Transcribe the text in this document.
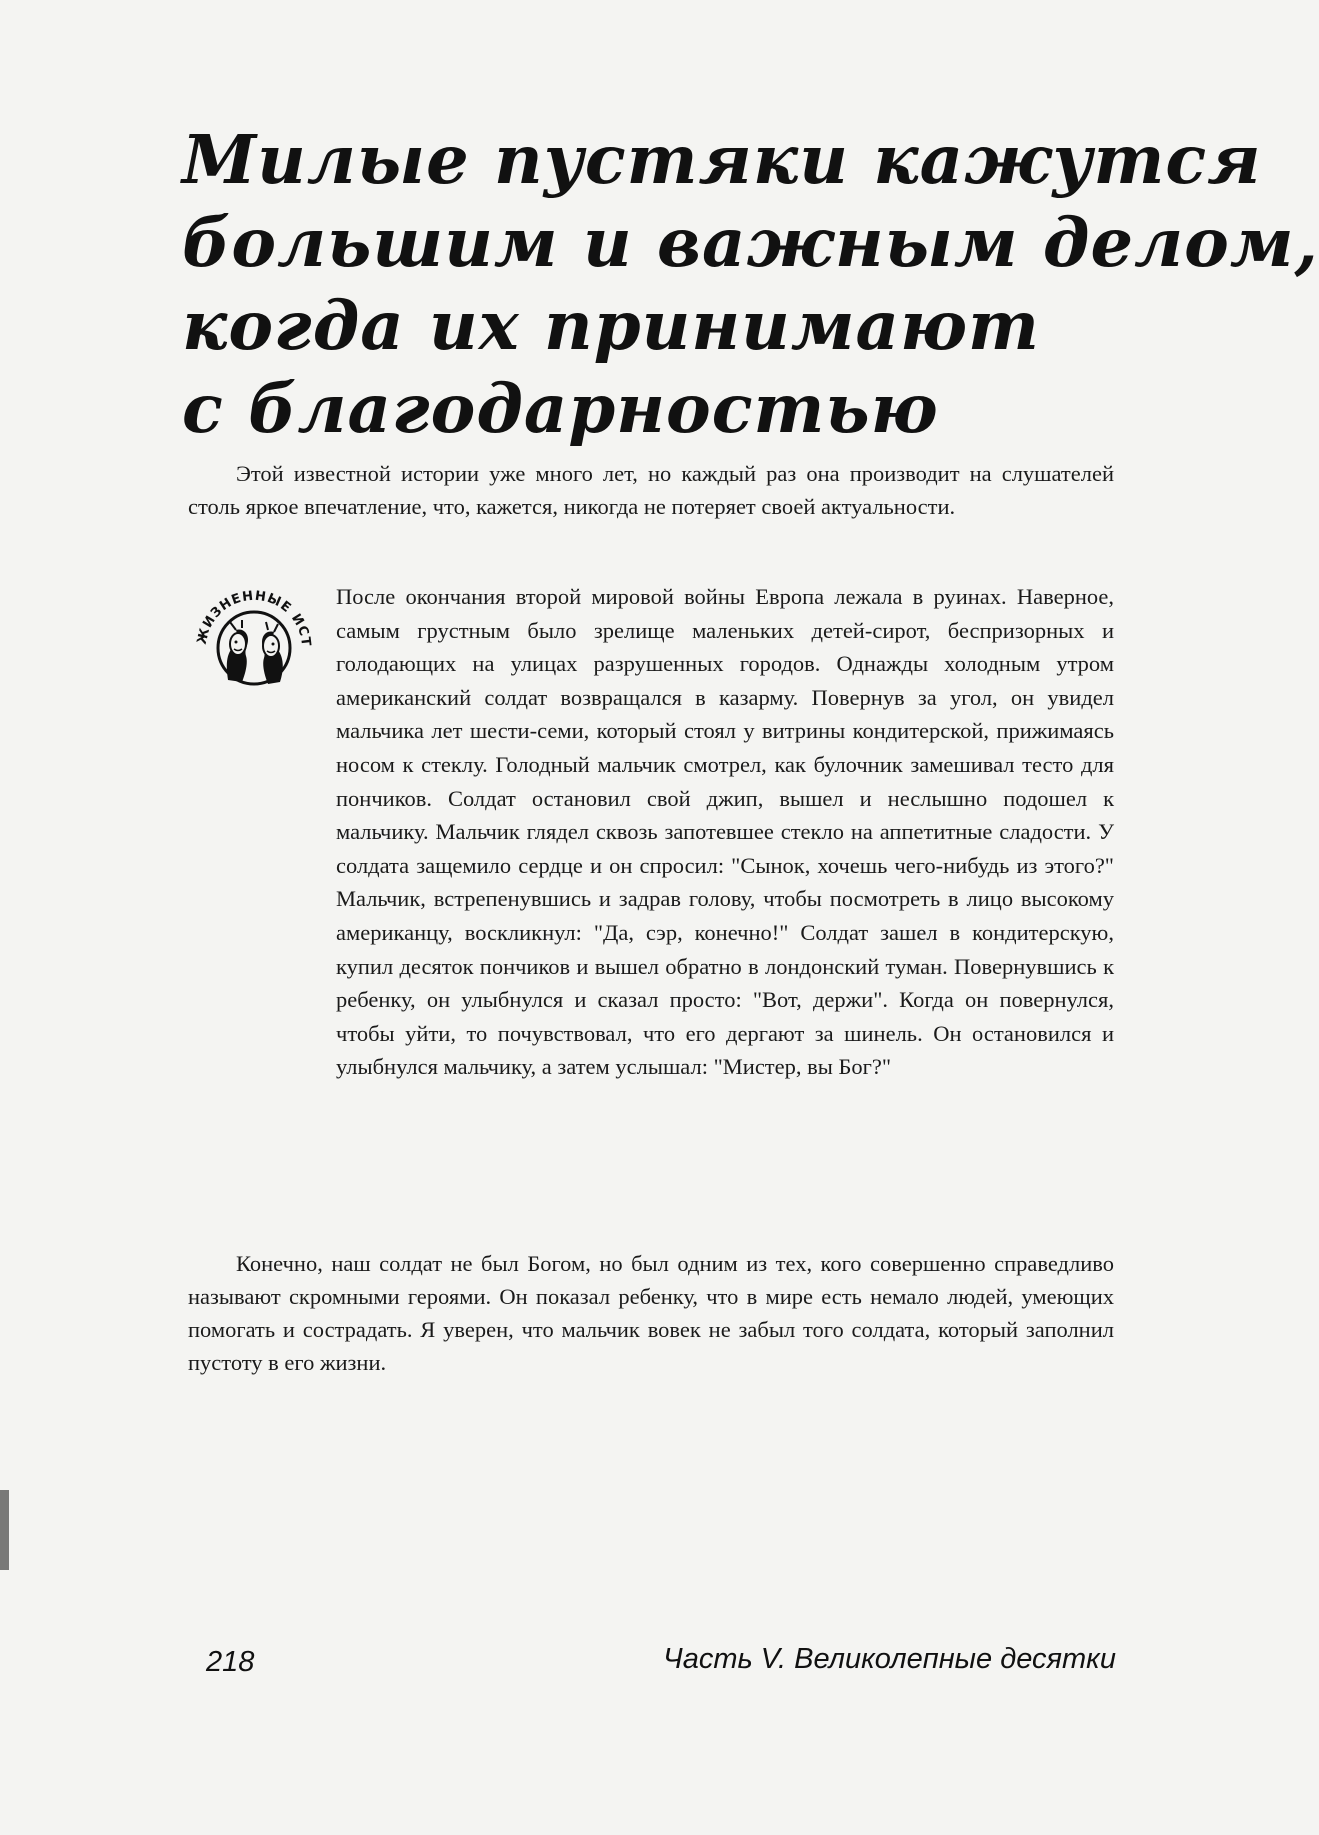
Милые пустяки кажутся
большим и важным делом,
когда их принимают
с благодарностью

Этой известной истории уже много лет, но каждый раз она производит на слушателей столь яркое впечатление, что, кажется, никогда не потеряет своей актуальности.

ЖИЗНЕННЫЕ ИСТ

После окончания второй мировой войны Европа лежала в руинах. Наверное, самым грустным было зрелище маленьких детей-сирот, беспризорных и голодающих на улицах разрушенных городов. Однажды холодным утром американский солдат возвращался в казарму. Повернув за угол, он увидел мальчика лет шести-семи, который стоял у витрины кондитерской, прижимаясь носом к стеклу. Голодный мальчик смотрел, как булочник замешивал тесто для пончиков. Солдат остановил свой джип, вышел и неслышно подошел к мальчику. Мальчик глядел сквозь запотевшее стекло на аппетитные сладости. У солдата защемило сердце и он спросил: "Сынок, хочешь чего-нибудь из этого?" Мальчик, встрепенувшись и задрав голову, чтобы посмотреть в лицо высокому американцу, воскликнул: "Да, сэр, конечно!" Солдат зашел в кондитерскую, купил десяток пончиков и вышел обратно в лондонский туман. Повернувшись к ребенку, он улыбнулся и сказал просто: "Вот, держи". Когда он повернулся, чтобы уйти, то почувствовал, что его дергают за шинель. Он остановился и улыбнулся мальчику, а затем услышал: "Мистер, вы Бог?"

Конечно, наш солдат не был Богом, но был одним из тех, кого совершенно справедливо называют скромными героями. Он показал ребенку, что в мире есть немало людей, умеющих помогать и сострадать. Я уверен, что мальчик вовек не забыл того солдата, который заполнил пустоту в его жизни.

218	Часть V. Великолепные десятки
